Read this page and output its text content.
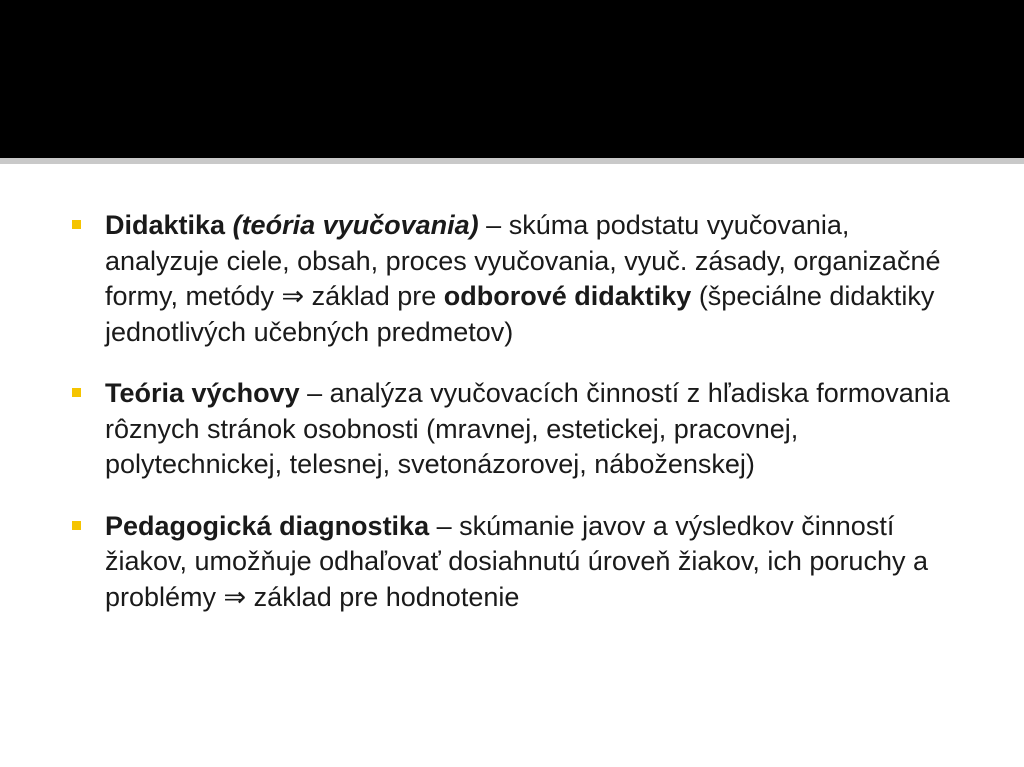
Didaktika (teória vyučovania) – skúma podstatu vyučovania, analyzuje ciele, obsah, proces vyučovania, vyuč. zásady, organizačné formy, metódy ⇒ základ pre odborové didaktiky (špeciálne didaktiky jednotlivých učebných predmetov)
Teória výchovy – analýza vyučovacích činností z hľadiska formovania rôznych stránok osobnosti (mravnej, estetickej, pracovnej, polytechnickej, telesnej, svetonázorovej, náboženskej)
Pedagogická diagnostika – skúmanie javov a výsledkov činností žiakov, umožňuje odhaľovať dosiahnutú úroveň žiakov, ich poruchy a problémy ⇒ základ pre hodnotenie
